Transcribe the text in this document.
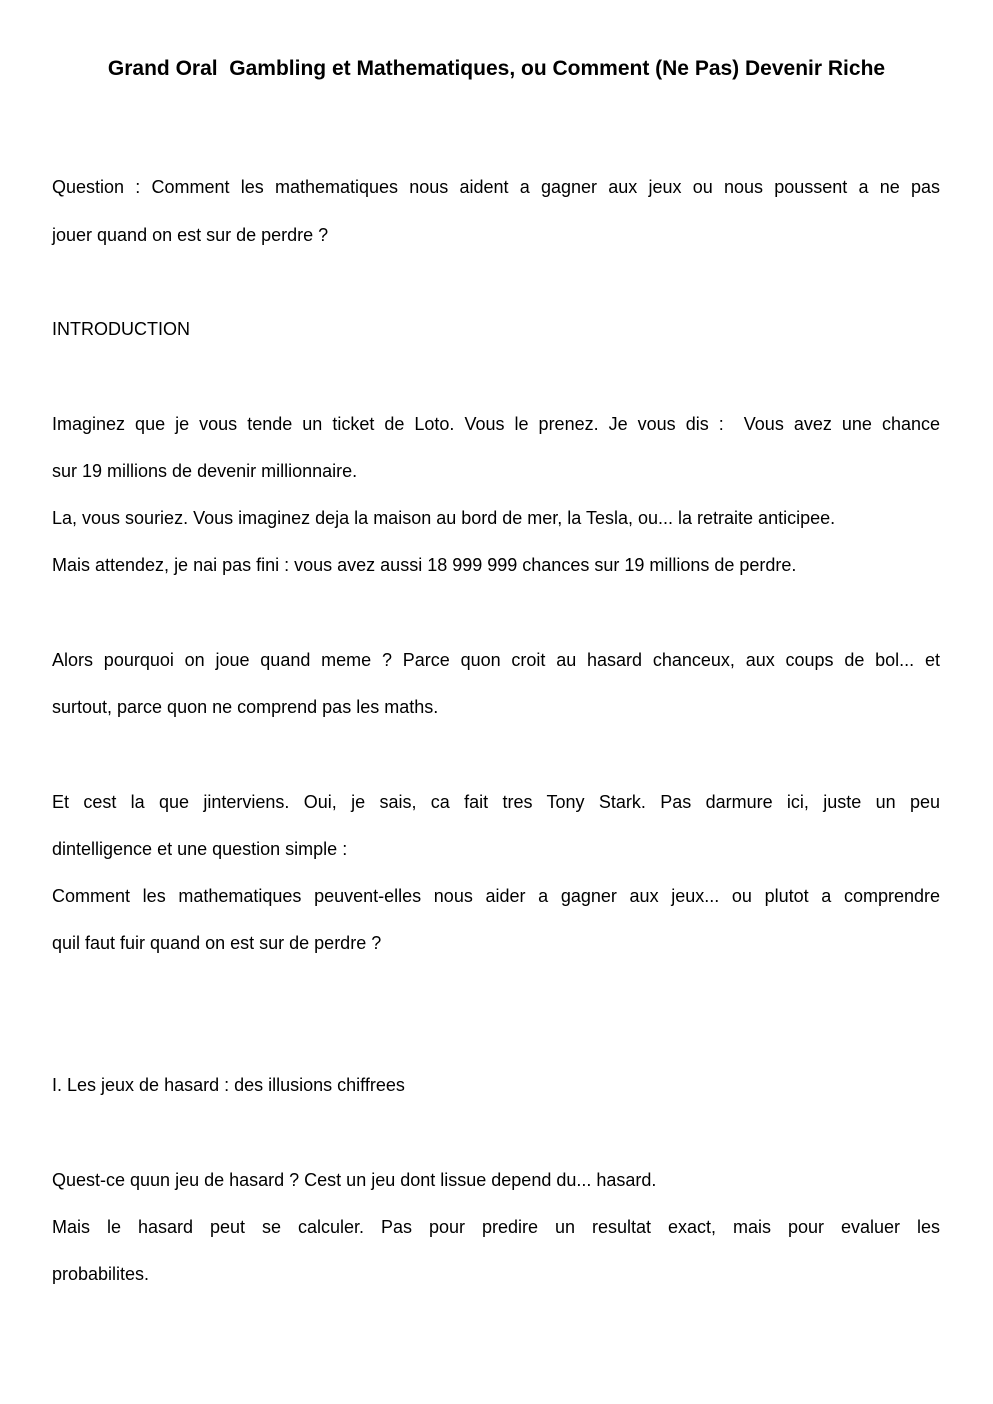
Grand Oral  Gambling et Mathematiques, ou Comment (Ne Pas) Devenir Riche
Question : Comment les mathematiques nous aident a gagner aux jeux ou nous poussent a ne pas
jouer quand on est sur de perdre ?
INTRODUCTION
Imaginez que je vous tende un ticket de Loto. Vous le prenez. Je vous dis :  Vous avez une chance
sur 19 millions de devenir millionnaire.
La, vous souriez. Vous imaginez deja la maison au bord de mer, la Tesla, ou... la retraite anticipee.
Mais attendez, je nai pas fini : vous avez aussi 18 999 999 chances sur 19 millions de perdre.
Alors pourquoi on joue quand meme ? Parce quon croit au hasard chanceux, aux coups de bol... et
surtout, parce quon ne comprend pas les maths.
Et cest la que jinterviens. Oui, je sais, ca fait tres Tony Stark. Pas darmure ici, juste un peu
dintelligence et une question simple :
Comment les mathematiques peuvent-elles nous aider a gagner aux jeux... ou plutot a comprendre
quil faut fuir quand on est sur de perdre ?
I. Les jeux de hasard : des illusions chiffrees
Quest-ce quun jeu de hasard ? Cest un jeu dont lissue depend du... hasard.
Mais le hasard peut se calculer. Pas pour predire un resultat exact, mais pour evaluer les
probabilites.
